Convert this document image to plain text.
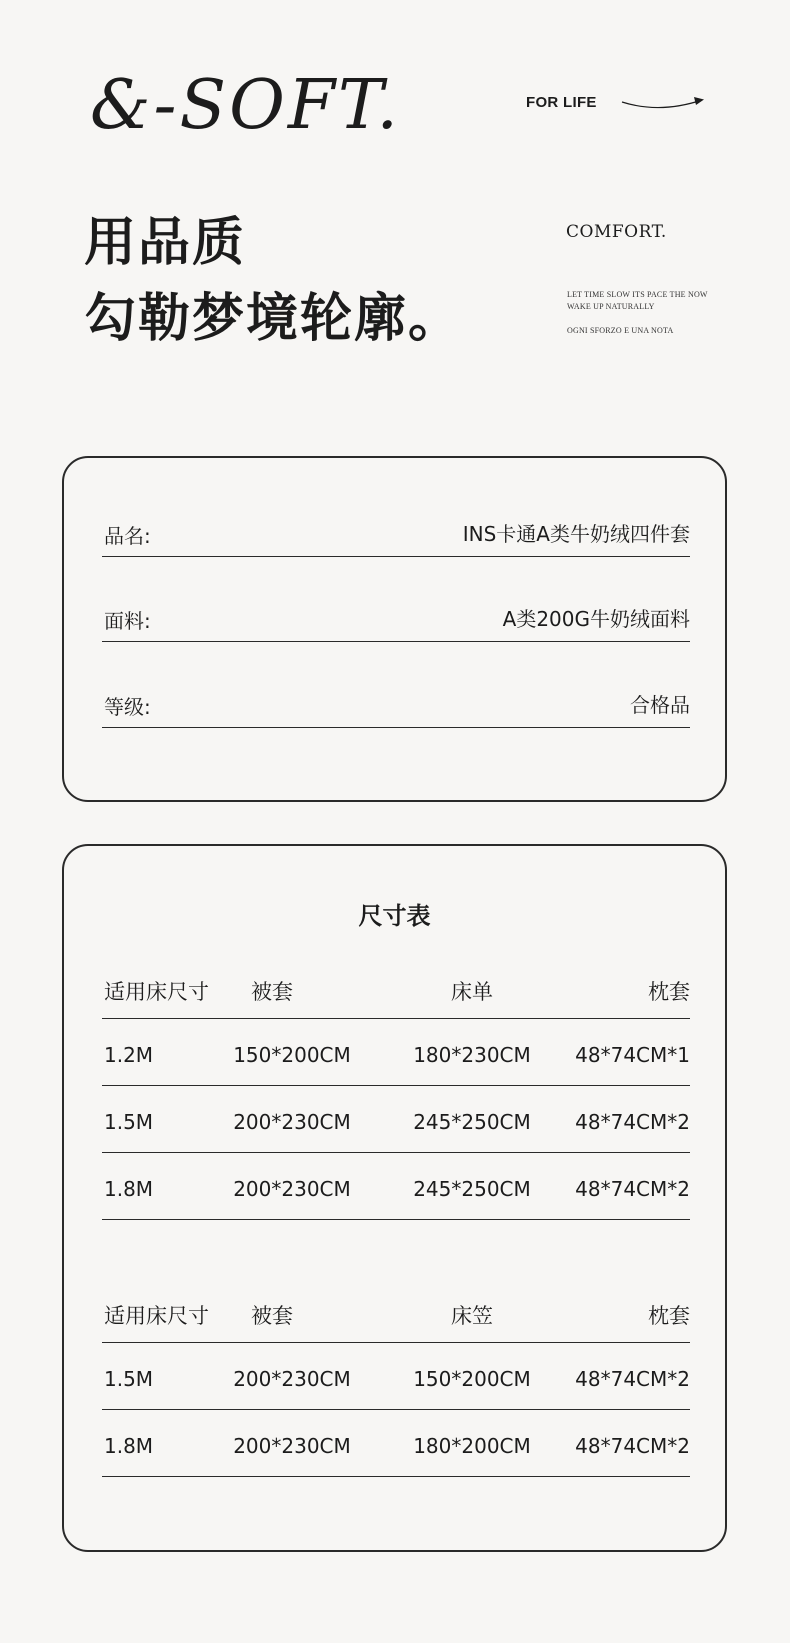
&-SOFT.	FOR LIFE
用品质
勾勒梦境轮廓。
COMFORT.
LET TIME SLOW ITS PACE THE NOW
WAKE UP NATURALLY
OGNI SFORZO E UNA NOTA
品名:	INS卡通A类牛奶绒四件套
面料:	A类200G牛奶绒面料
等级:	合格品
尺寸表
适用床尺寸	被套	床单	枕套
1.2M	150*200CM	180*230CM	48*74CM*1
1.5M	200*230CM	245*250CM	48*74CM*2
1.8M	200*230CM	245*250CM	48*74CM*2
适用床尺寸	被套	床笠	枕套
1.5M	200*230CM	150*200CM	48*74CM*2
1.8M	200*230CM	180*200CM	48*74CM*2
